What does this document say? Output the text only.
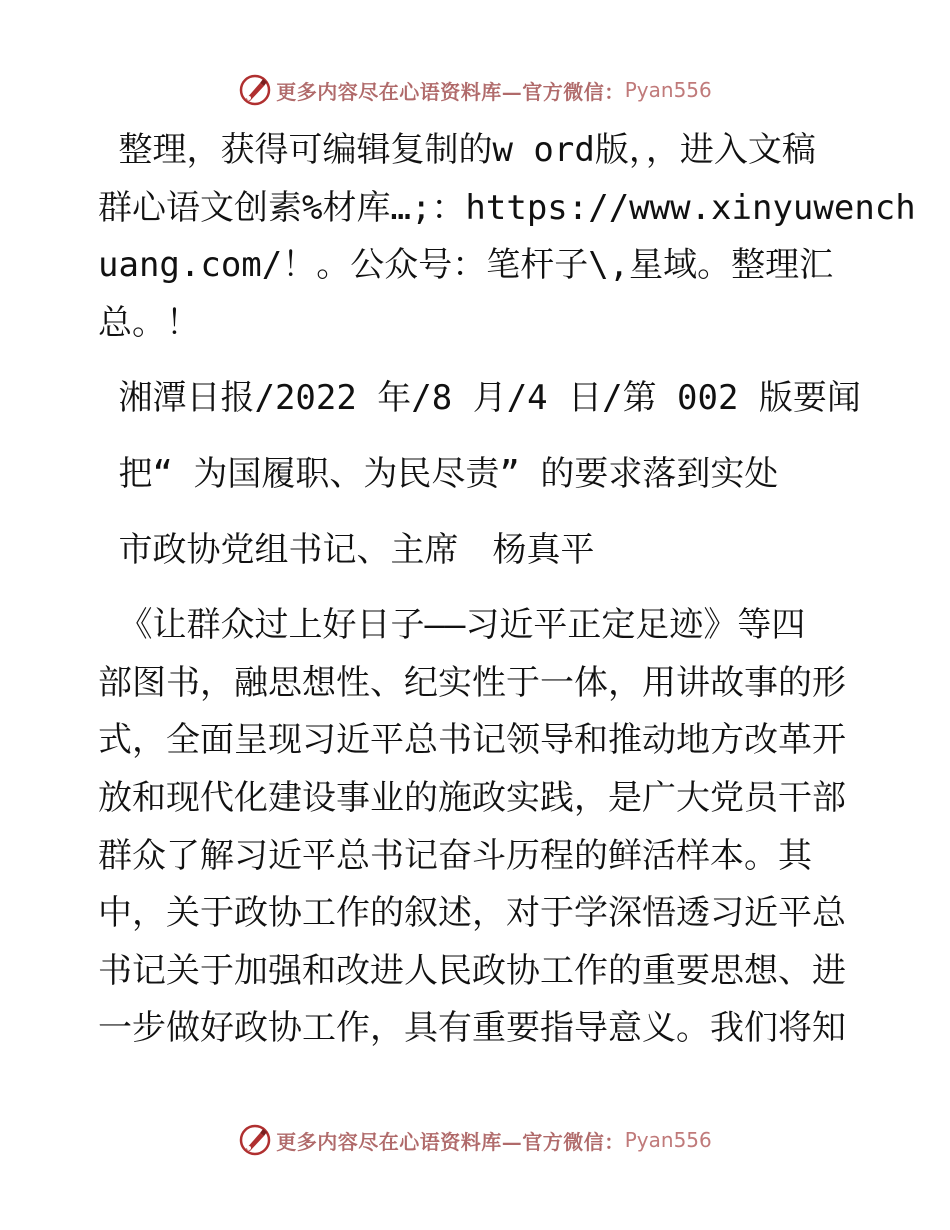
更多内容尽在心语资料库—官方微信： Pyan556
整理，获得可编辑复制的w ord版，，进入文稿
群心语文创素%材库…;：https://www.xinyuwench
uang.com/！。公众号：笔杆子\,星域。整理汇
总。！
湘潭日报/2022 年/8 月/4 日/第 002 版要闻
把“ 为国履职、为民尽责” 的要求落到实处
市政协党组书记、主席　杨真平
《让群众过上好日子——习近平正定足迹》等四
部图书，融思想性、纪实性于一体，用讲故事的形
式，全面呈现习近平总书记领导和推动地方改革开
放和现代化建设事业的施政实践，是广大党员干部
群众了解习近平总书记奋斗历程的鲜活样本。其
中，关于政协工作的叙述，对于学深悟透习近平总
书记关于加强和改进人民政协工作的重要思想、进
一步做好政协工作，具有重要指导意义。我们将知
更多内容尽在心语资料库—官方微信： Pyan556
